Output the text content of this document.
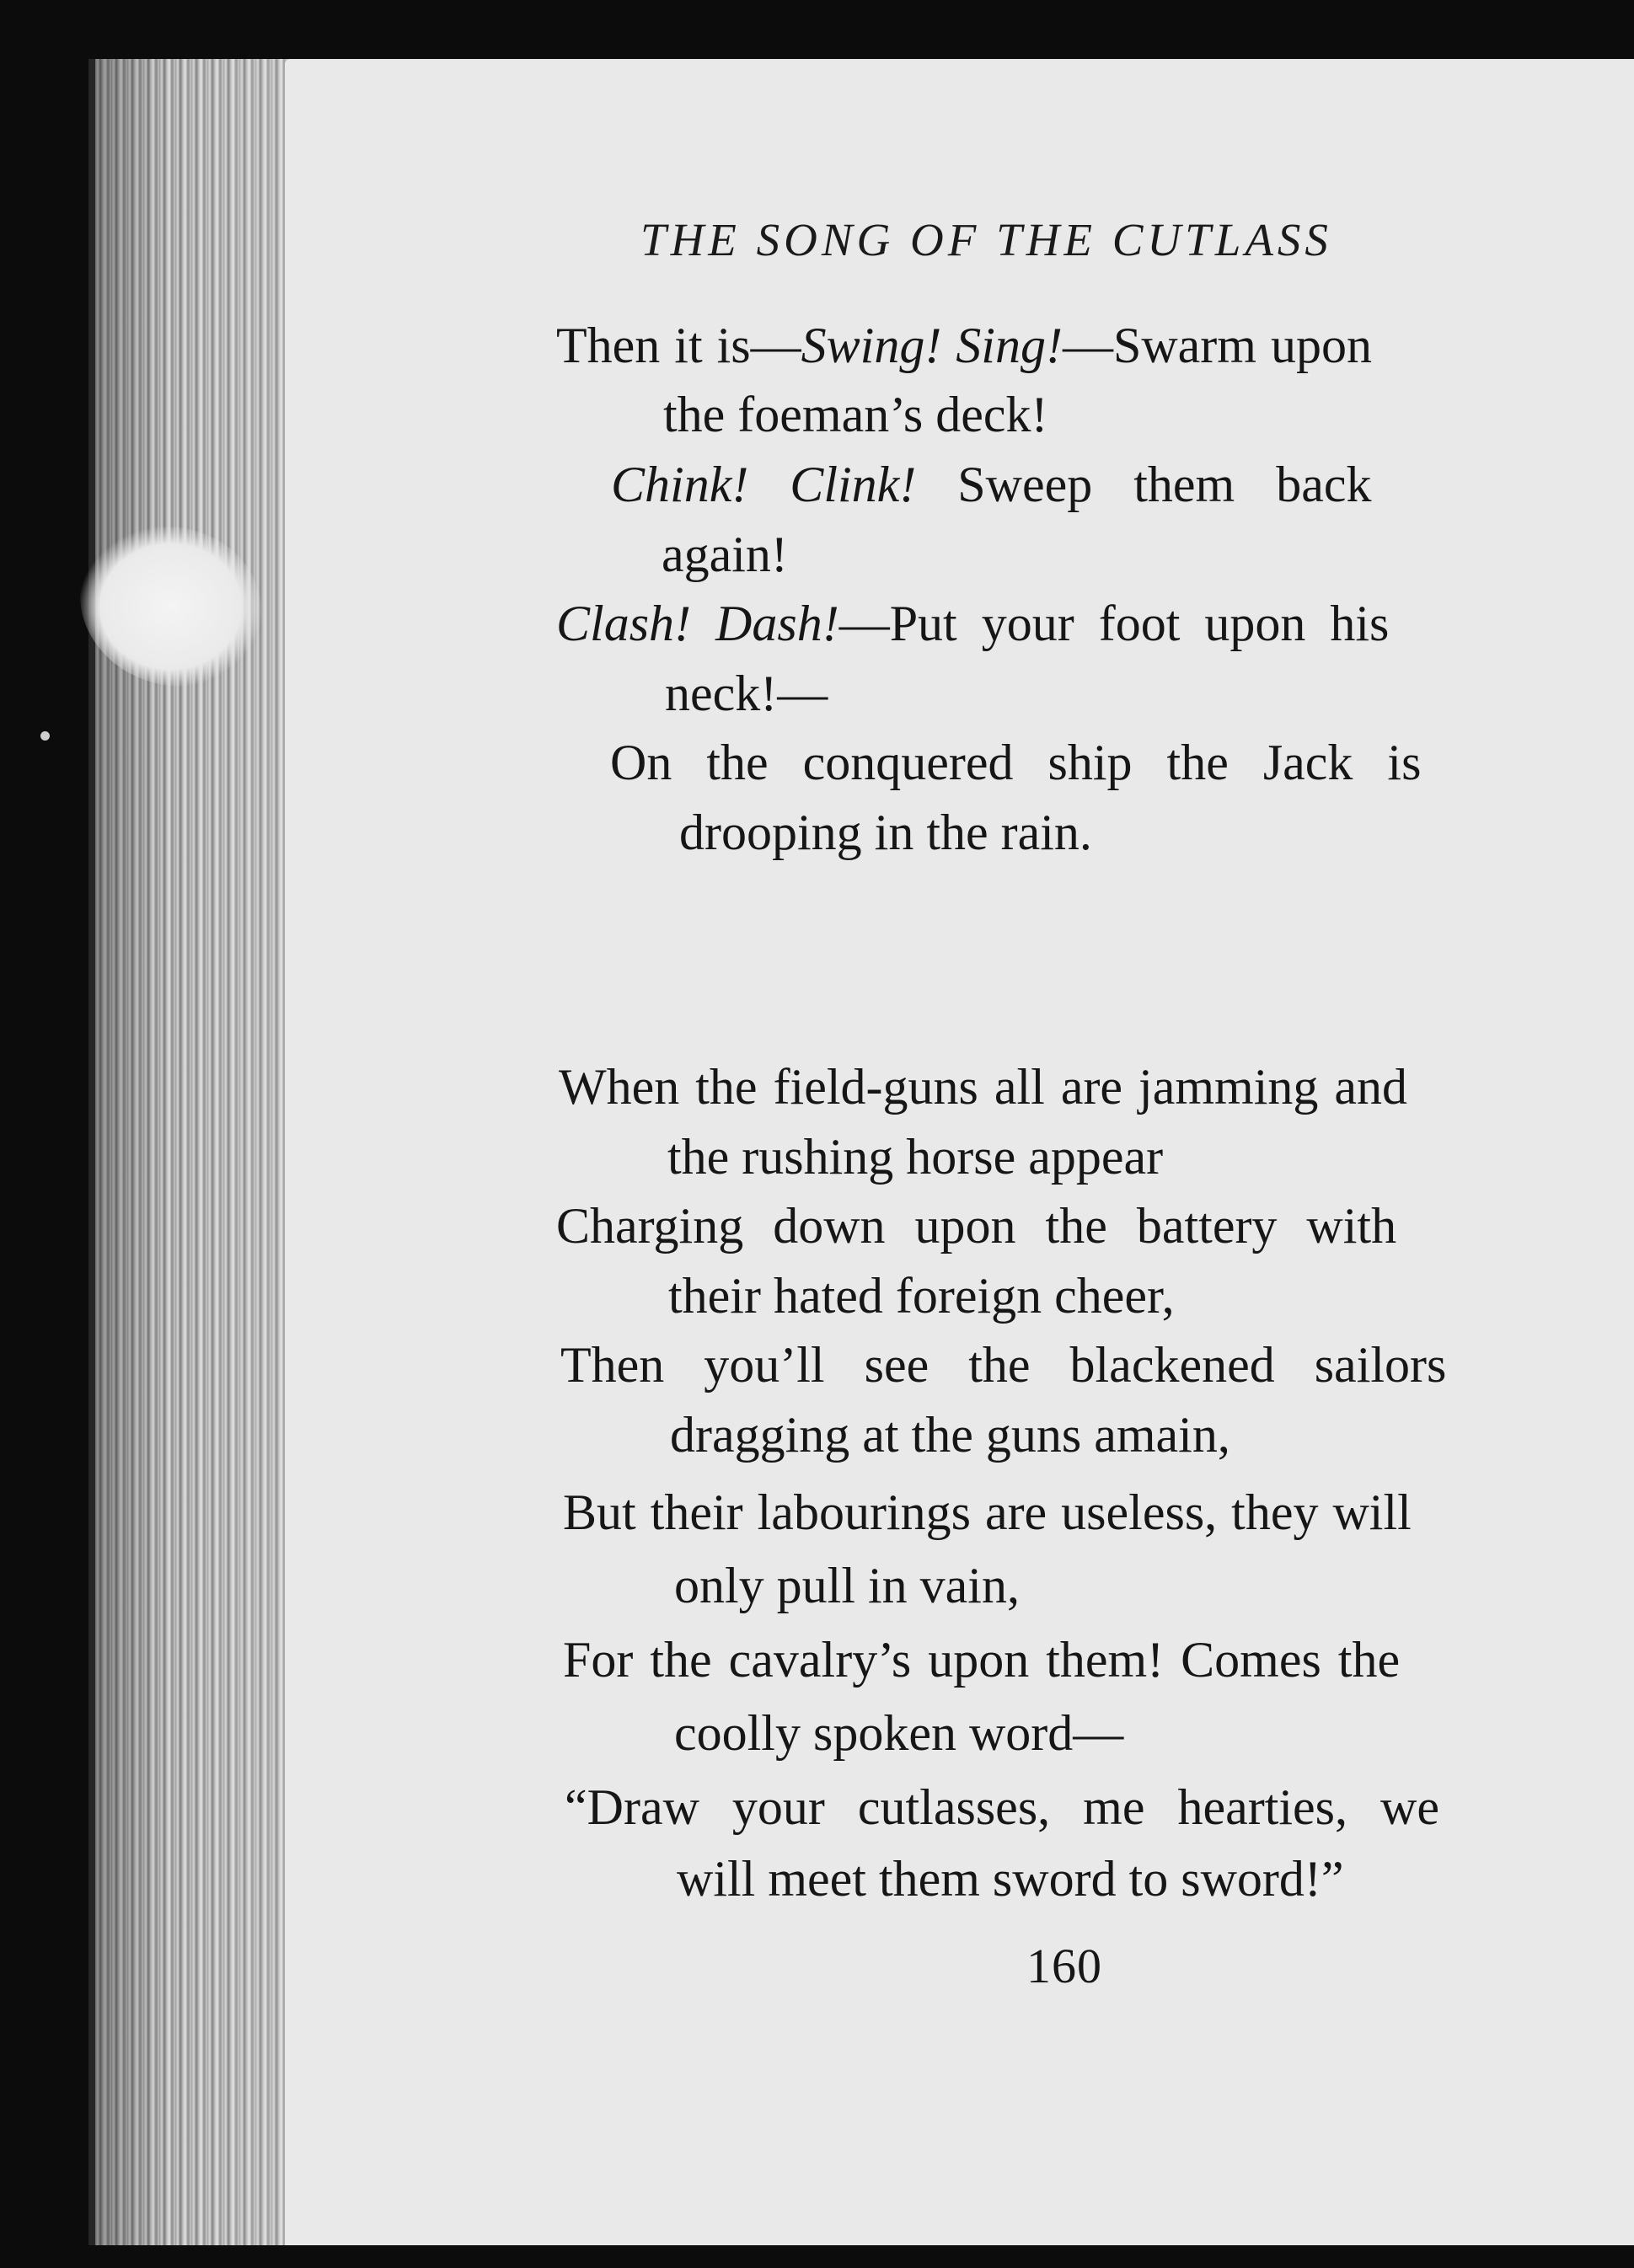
THE SONG OF THE CUTLASS

Then it is—Swing! Sing!—Swarm upon

the foeman’s deck!

Chink! Clink! Sweep them back

again!

Clash! Dash!—Put your foot upon his

neck!—

On the conquered ship the Jack is

drooping in the rain.

When the field-guns all are jamming and

the rushing horse appear

Charging down upon the battery with

their hated foreign cheer,

Then you’ll see the blackened sailors

dragging at the guns amain,

But their labourings are useless, they will

only pull in vain,

For the cavalry’s upon them! Comes the

coolly spoken word—

“Draw your cutlasses, me hearties, we

will meet them sword to sword!”

160
